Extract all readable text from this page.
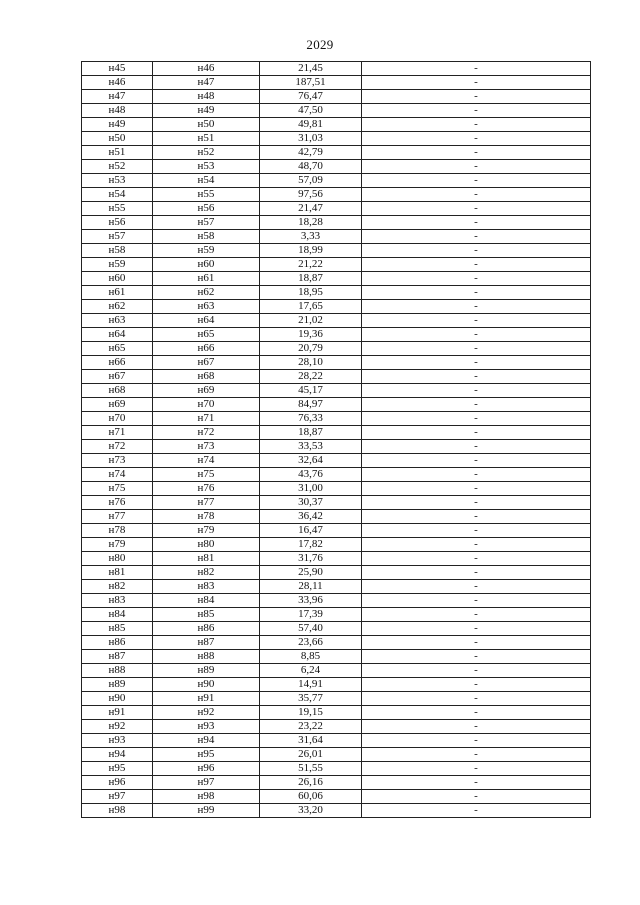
2029
н45	н46	21,45	-
н46	н47	187,51	-
н47	н48	76,47	-
н48	н49	47,50	-
н49	н50	49,81	-
н50	н51	31,03	-
н51	н52	42,79	-
н52	н53	48,70	-
н53	н54	57,09	-
н54	н55	97,56	-
н55	н56	21,47	-
н56	н57	18,28	-
н57	н58	3,33	-
н58	н59	18,99	-
н59	н60	21,22	-
н60	н61	18,87	-
н61	н62	18,95	-
н62	н63	17,65	-
н63	н64	21,02	-
н64	н65	19,36	-
н65	н66	20,79	-
н66	н67	28,10	-
н67	н68	28,22	-
н68	н69	45,17	-
н69	н70	84,97	-
н70	н71	76,33	-
н71	н72	18,87	-
н72	н73	33,53	-
н73	н74	32,64	-
н74	н75	43,76	-
н75	н76	31,00	-
н76	н77	30,37	-
н77	н78	36,42	-
н78	н79	16,47	-
н79	н80	17,82	-
н80	н81	31,76	-
н81	н82	25,90	-
н82	н83	28,11	-
н83	н84	33,96	-
н84	н85	17,39	-
н85	н86	57,40	-
н86	н87	23,66	-
н87	н88	8,85	-
н88	н89	6,24	-
н89	н90	14,91	-
н90	н91	35,77	-
н91	н92	19,15	-
н92	н93	23,22	-
н93	н94	31,64	-
н94	н95	26,01	-
н95	н96	51,55	-
н96	н97	26,16	-
н97	н98	60,06	-
н98	н99	33,20	-
